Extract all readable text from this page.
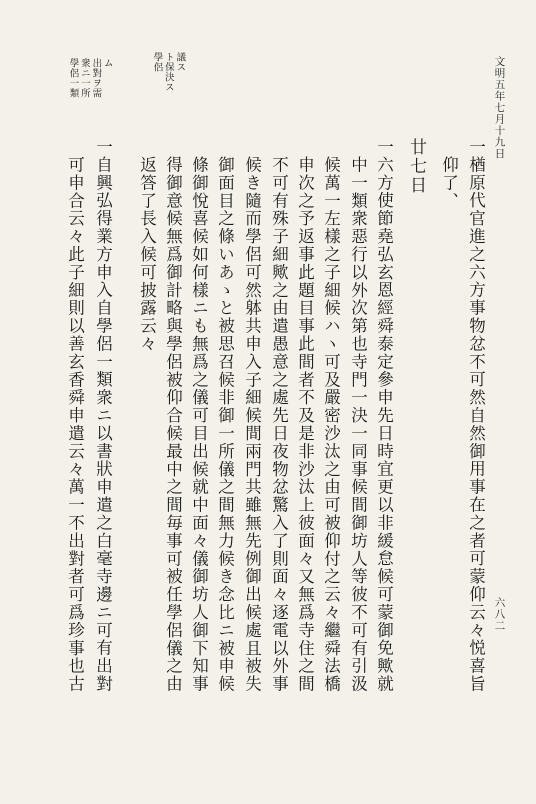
文明五年七月十九日
六八二
一楢原代官進之六方事物忿不可然自然御用事在之者可蒙仰云々悦喜旨
仰了、
廿七日
一六方使節堯弘玄恩經舜泰定參申先日時宜更以非緩怠候可蒙御免歟就
中一類衆惡行以外次第也寺門一決一同事候間御坊人等彼不可有引汲
候萬一左樣之子細候ハヽ可及嚴密沙汰之由可被仰付之云々繼舜法橋
申次之予返事此題目事此間者不及是非沙汰上彼面々又無爲寺住之間
不可有殊子細歟之由遣愚意之處先日夜物忿驚入了則面々逐電以外事
候き隨而學侶可然躰共申入子細候間兩門共雖無先例御出候處且被失
御面目之條いあゝと被思召候非御一所儀之間無力候き念比ニ被申候
條御悅喜候如何樣ニも無爲之儀可目出候就中面々儀御坊人御下知事
得御意候無爲御計略與學侶被仰合候最中之間毎事可被任學侶儀之由
返答了長入候可披露云々
一自興弘得業方申入自學侶一類衆ニ以書狀申遣之白毫寺邊ニ可有出對
可申合云々此子細則以善玄香舜申遣云々萬一不出對者可爲珍事也古
議ス
ト保決ス
學侶
ム
出對ヲ需
衆ニ一所
學侶一類
